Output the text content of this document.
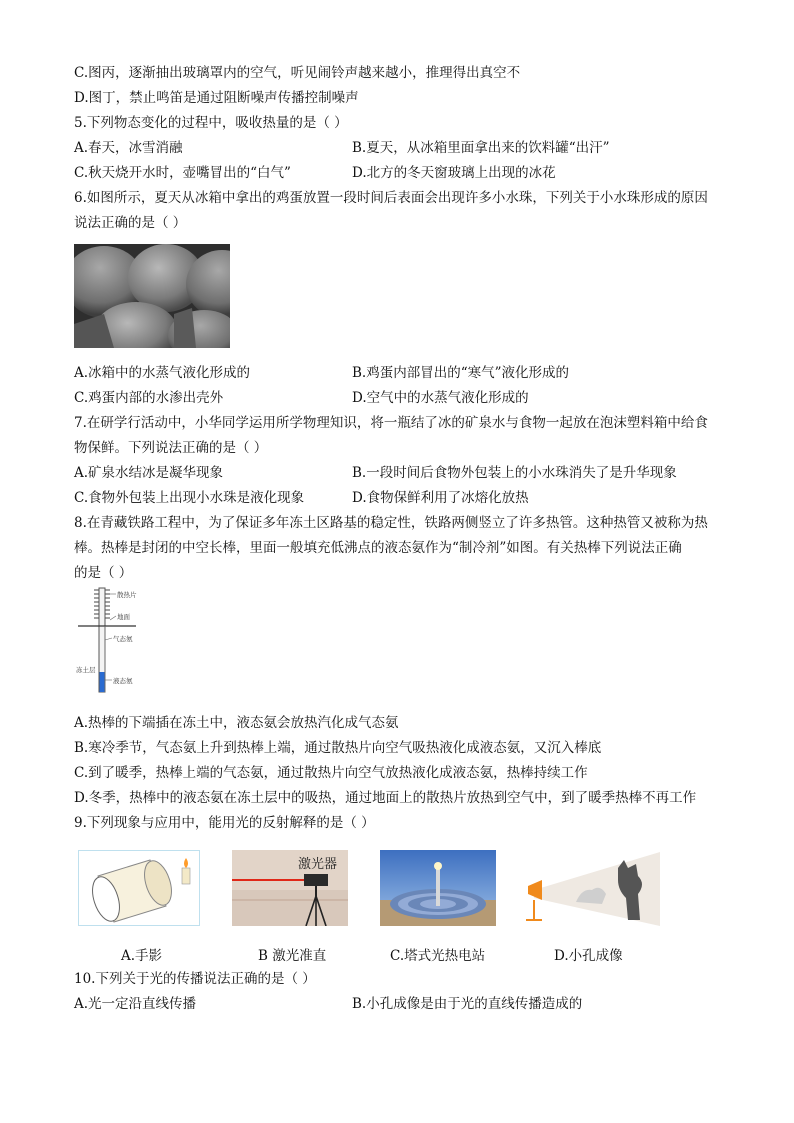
C.图丙，逐渐抽出玻璃罩内的空气，听见闹铃声越来越小，推理得出真空不
D.图丁，禁止鸣笛是通过阻断噪声传播控制噪声
5.下列物态变化的过程中，吸收热量的是（ ）
A.春天，冰雪消融	B.夏天，从冰箱里面拿出来的饮料罐“出汗”
C.秋天烧开水时，壶嘴冒出的“白气”	D.北方的冬天窗玻璃上出现的冰花
6.如图所示，夏天从冰箱中拿出的鸡蛋放置一段时间后表面会出现许多小水珠，下列关于小水珠形成的原因
说法正确的是（ ）
A.冰箱中的水蒸气液化形成的	B.鸡蛋内部冒出的“寒气”液化形成的
C.鸡蛋内部的水渗出壳外	D.空气中的水蒸气液化形成的
7.在研学行活动中，小华同学运用所学物理知识，将一瓶结了冰的矿泉水与食物一起放在泡沫塑料箱中给食
物保鲜。下列说法正确的是（ ）
A.矿泉水结冰是凝华现象	B.一段时间后食物外包装上的小水珠消失了是升华现象
C.食物外包装上出现小水珠是液化现象	D.食物保鲜利用了冰熔化放热
8.在青藏铁路工程中，为了保证多年冻土区路基的稳定性，铁路两侧竖立了许多热管。这种热管又被称为热
棒。热棒是封闭的中空长棒，里面一般填充低沸点的液态氨作为“制冷剂”如图。有关热棒下列说法正确
的是（ ）
散热片
地面
气态氨
冻土层
液态氨
A.热棒的下端插在冻土中，液态氨会放热汽化成气态氨
B.寒冷季节，气态氨上升到热棒上端，通过散热片向空气吸热液化成液态氨，又沉入棒底
C.到了暖季，热棒上端的气态氨，通过散热片向空气放热液化成液态氨，热棒持续工作
D.冬季，热棒中的液态氨在冻土层中的吸热，通过地面上的散热片放热到空气中，到了暖季热棒不再工作
9.下列现象与应用中，能用光的反射解释的是（ ）
激光器
A.手影	B 激光准直	C.塔式光热电站	D.小孔成像
10.下列关于光的传播说法正确的是（ ）
A.光一定沿直线传播	B.小孔成像是由于光的直线传播造成的
